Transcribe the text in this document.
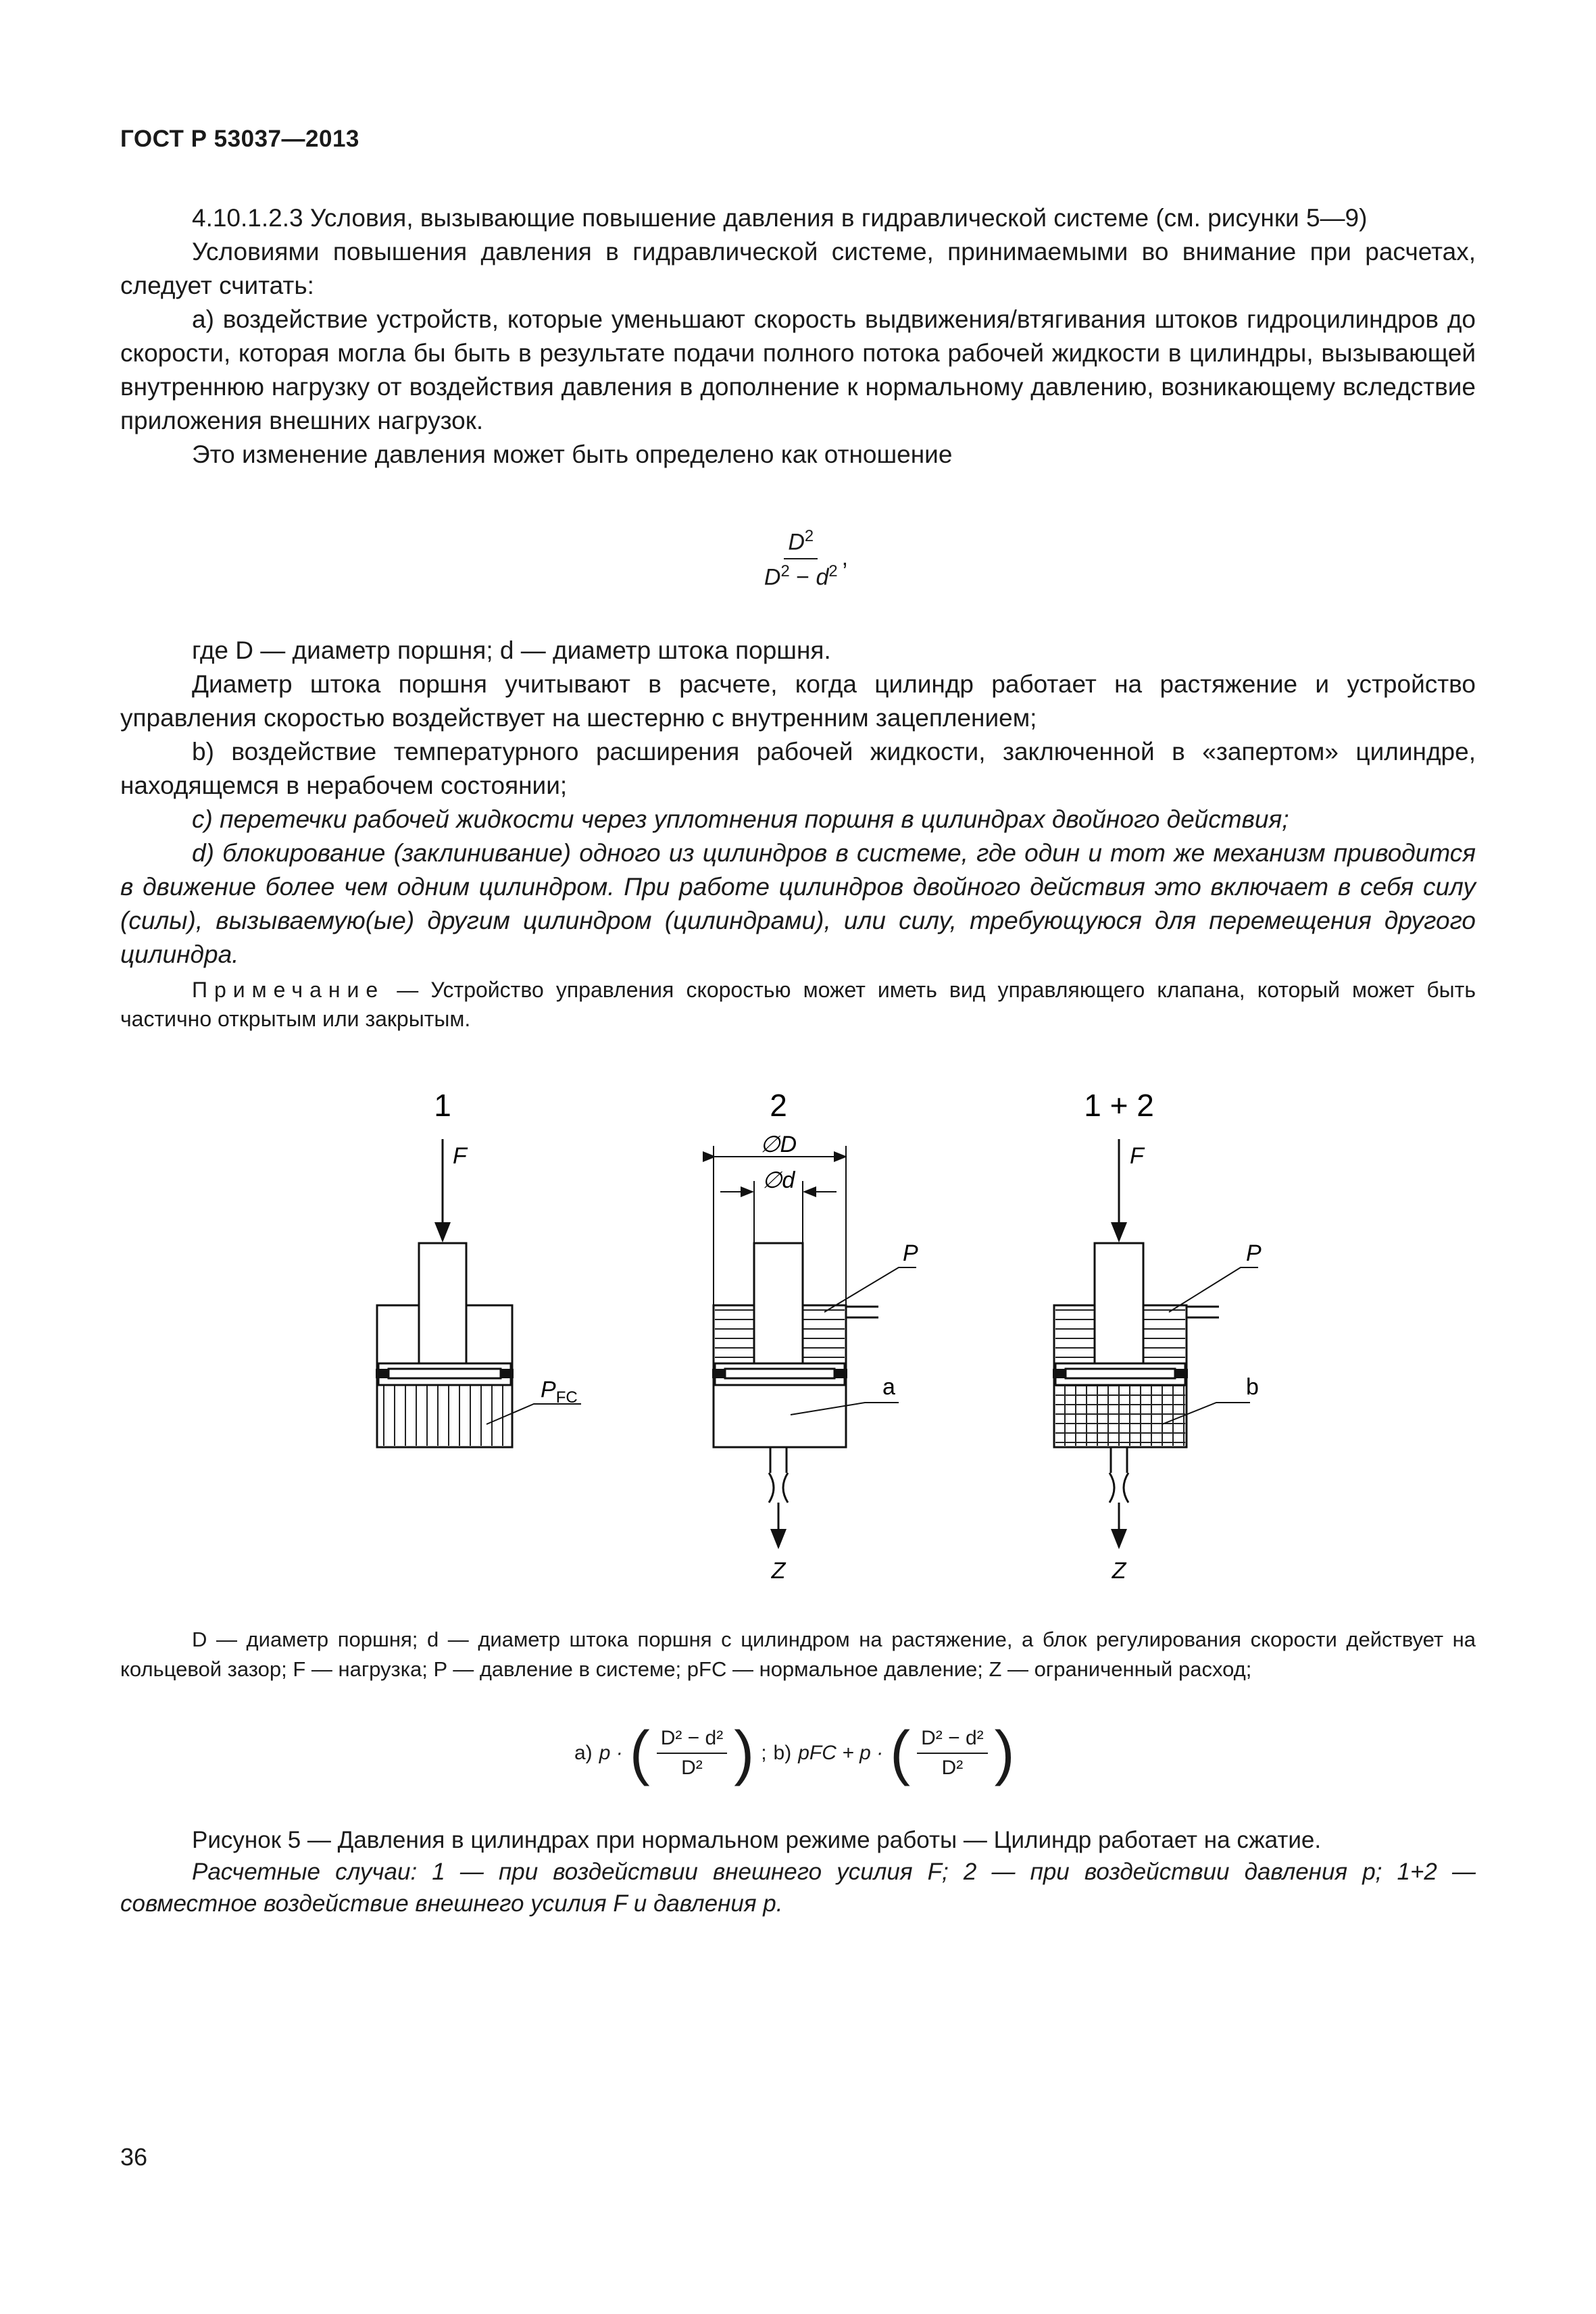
ГОСТ Р 53037—2013

4.10.1.2.3 Условия, вызывающие повышение давления в гидравлической системе (см. рисунки 5—9)

Условиями повышения давления в гидравлической системе, принимаемыми во внимание при расчетах, следует считать:

a) воздействие устройств, которые уменьшают скорость выдвижения/втягивания штоков гидроцилиндров до скорости, которая могла бы быть в результате подачи полного потока рабочей жидкости в цилиндры, вызывающей внутреннюю нагрузку от воздействия давления в дополнение к нормальному давлению, возникающему вследствие приложения внешних нагрузок.

Это изменение давления может быть определено как отношение

$\frac{D^2}{D^2 - d^2}$ ,

где D — диаметр поршня; d — диаметр штока поршня.

Диаметр штока поршня учитывают в расчете, когда цилиндр работает на растяжение и устройство управления скоростью воздействует на шестерню с внутренним зацеплением;

b) воздействие температурного расширения рабочей жидкости, заключенной в «запертом» цилиндре, находящемся в нерабочем состоянии;

c) перетечки рабочей жидкости через уплотнения поршня в цилиндрах двойного действия;

d) блокирование (заклинивание) одного из цилиндров в системе, где один и тот же механизм приводится в движение более чем одним цилиндром. При работе цилиндров двойного действия это включает в себя силу (силы), вызываемую(ые) другим цилиндром (цилиндрами), или силу, требующуюся для перемещения другого цилиндра.

Примечание — Устройство управления скоростью может иметь вид управляющего клапана, который может быть частично открытым или закрытым.

1
F
$P_{FC}$
2
∅D
∅d
P
a
Z
1 + 2
F
P
b
Z

D — диаметр поршня; d — диаметр штока поршня с цилиндром на растяжение, а блок регулирования скорости действует на кольцевой зазор; F — нагрузка; P — давление в системе; pFC — нормальное давление; Z — ограниченный расход;

a) p · ( $\frac{\text{D² − d²}}{\text{D²}}$ ) ; b) pFC + p · ( $\frac{\text{D² − d²}}{\text{D²}}$ )

Рисунок 5 — Давления в цилиндрах при нормальном режиме работы — Цилиндр работает на сжатие.

Расчетные случаи: 1 — при воздействии внешнего усилия F; 2 — при воздействии давления p; 1+2 — совместное воздействие внешнего усилия F и давления p.

36
